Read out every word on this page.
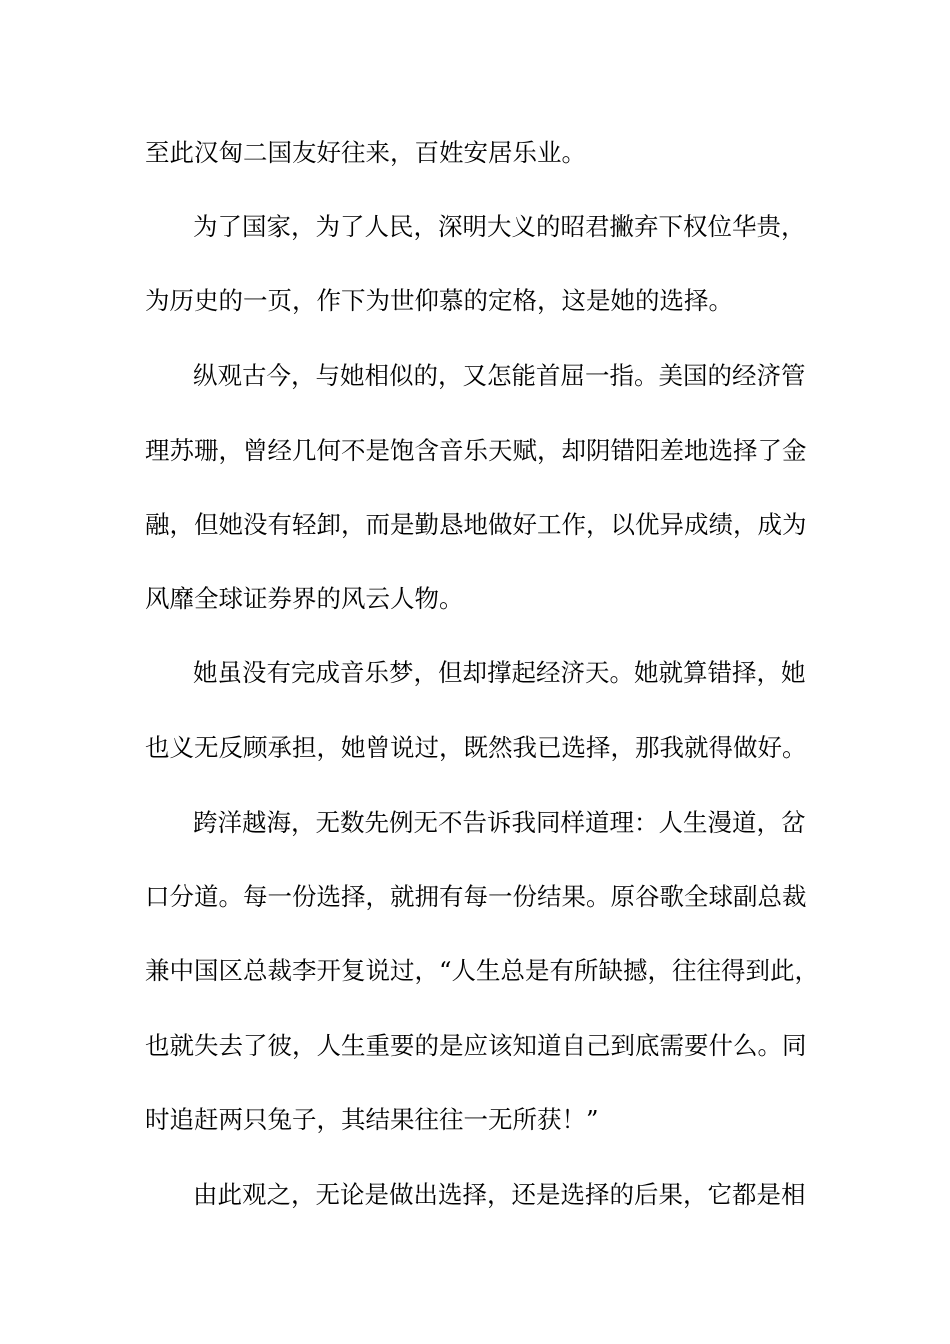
至此汉匈二国友好往来，百姓安居乐业。
为了国家，为了人民，深明大义的昭君撇弃下权位华贵，
为历史的一页，作下为世仰慕的定格，这是她的选择。
纵观古今，与她相似的，又怎能首屈一指。美国的经济管
理苏珊，曾经几何不是饱含音乐天赋，却阴错阳差地选择了金
融，但她没有轻卸，而是勤恳地做好工作，以优异成绩，成为
风靡全球证券界的风云人物。
她虽没有完成音乐梦，但却撑起经济天。她就算错择，她
也义无反顾承担，她曾说过，既然我已选择，那我就得做好。
跨洋越海，无数先例无不告诉我同样道理：人生漫道，岔
口分道。每一份选择，就拥有每一份结果。原谷歌全球副总裁
兼中国区总裁李开复说过，“人生总是有所缺撼，往往得到此，
也就失去了彼，人生重要的是应该知道自己到底需要什么。同
时追赶两只兔子，其结果往往一无所获！”
由此观之，无论是做出选择，还是选择的后果，它都是相
